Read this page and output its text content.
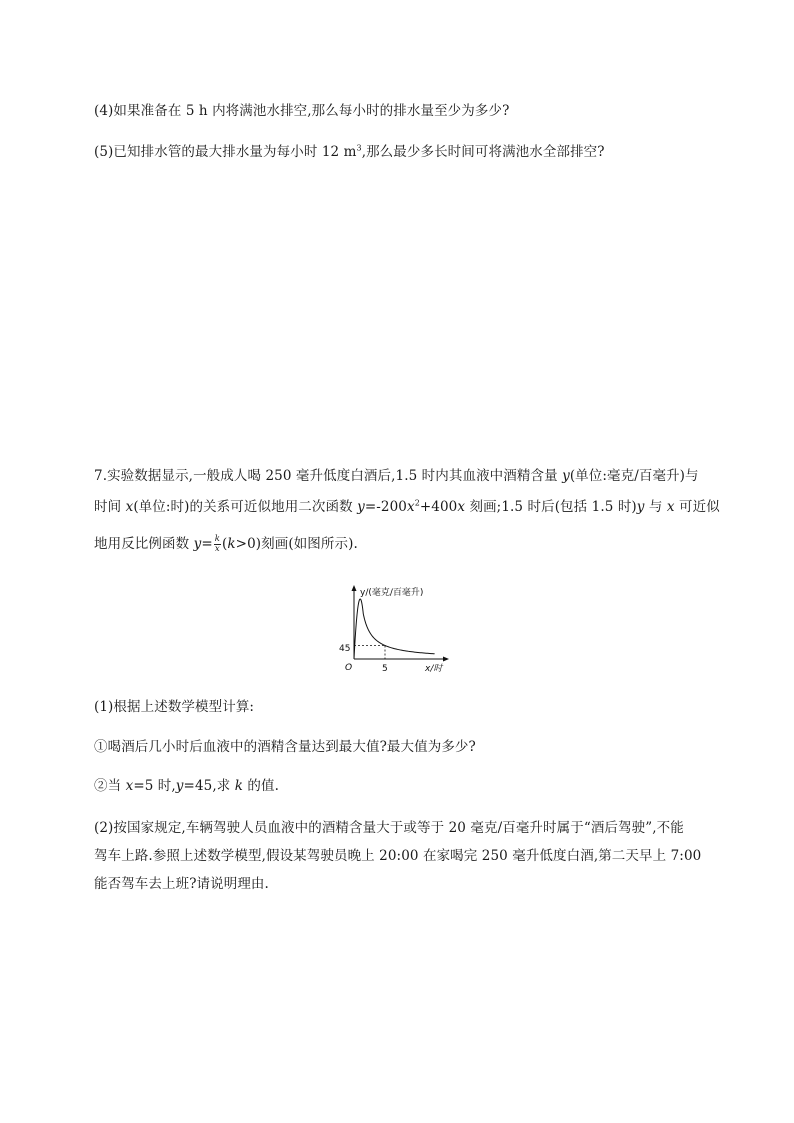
(4)如果准备在 5 h 内将满池水排空,那么每小时的排水量至少为多少?
(5)已知排水管的最大排水量为每小时 12 $m^3$,那么最少多长时间可将满池水全部排空?
7.实验数据显示,一般成人喝 250 毫升低度白酒后,1.5 时内其血液中酒精含量 y(单位:毫克/百毫升)与
时间 x(单位:时)的关系可近似地用二次函数 $y=-200x^2+400x$ 刻画;1.5 时后(包括 1.5 时)y 与 x 可近似
地用反比例函数 $y= \frac{k}{x} (k>0)$刻画(如图所示).
y/(毫克/百毫升)
x/时
O
45
5
(1)根据上述数学模型计算:
①喝酒后几小时后血液中的酒精含量达到最大值?最大值为多少?
②当 x=5 时,y=45,求 k 的值.
(2)按国家规定,车辆驾驶人员血液中的酒精含量大于或等于 20 毫克/百毫升时属于“酒后驾驶”,不能
驾车上路.参照上述数学模型,假设某驾驶员晚上 20:00 在家喝完 250 毫升低度白酒,第二天早上 7:00
能否驾车去上班?请说明理由.
